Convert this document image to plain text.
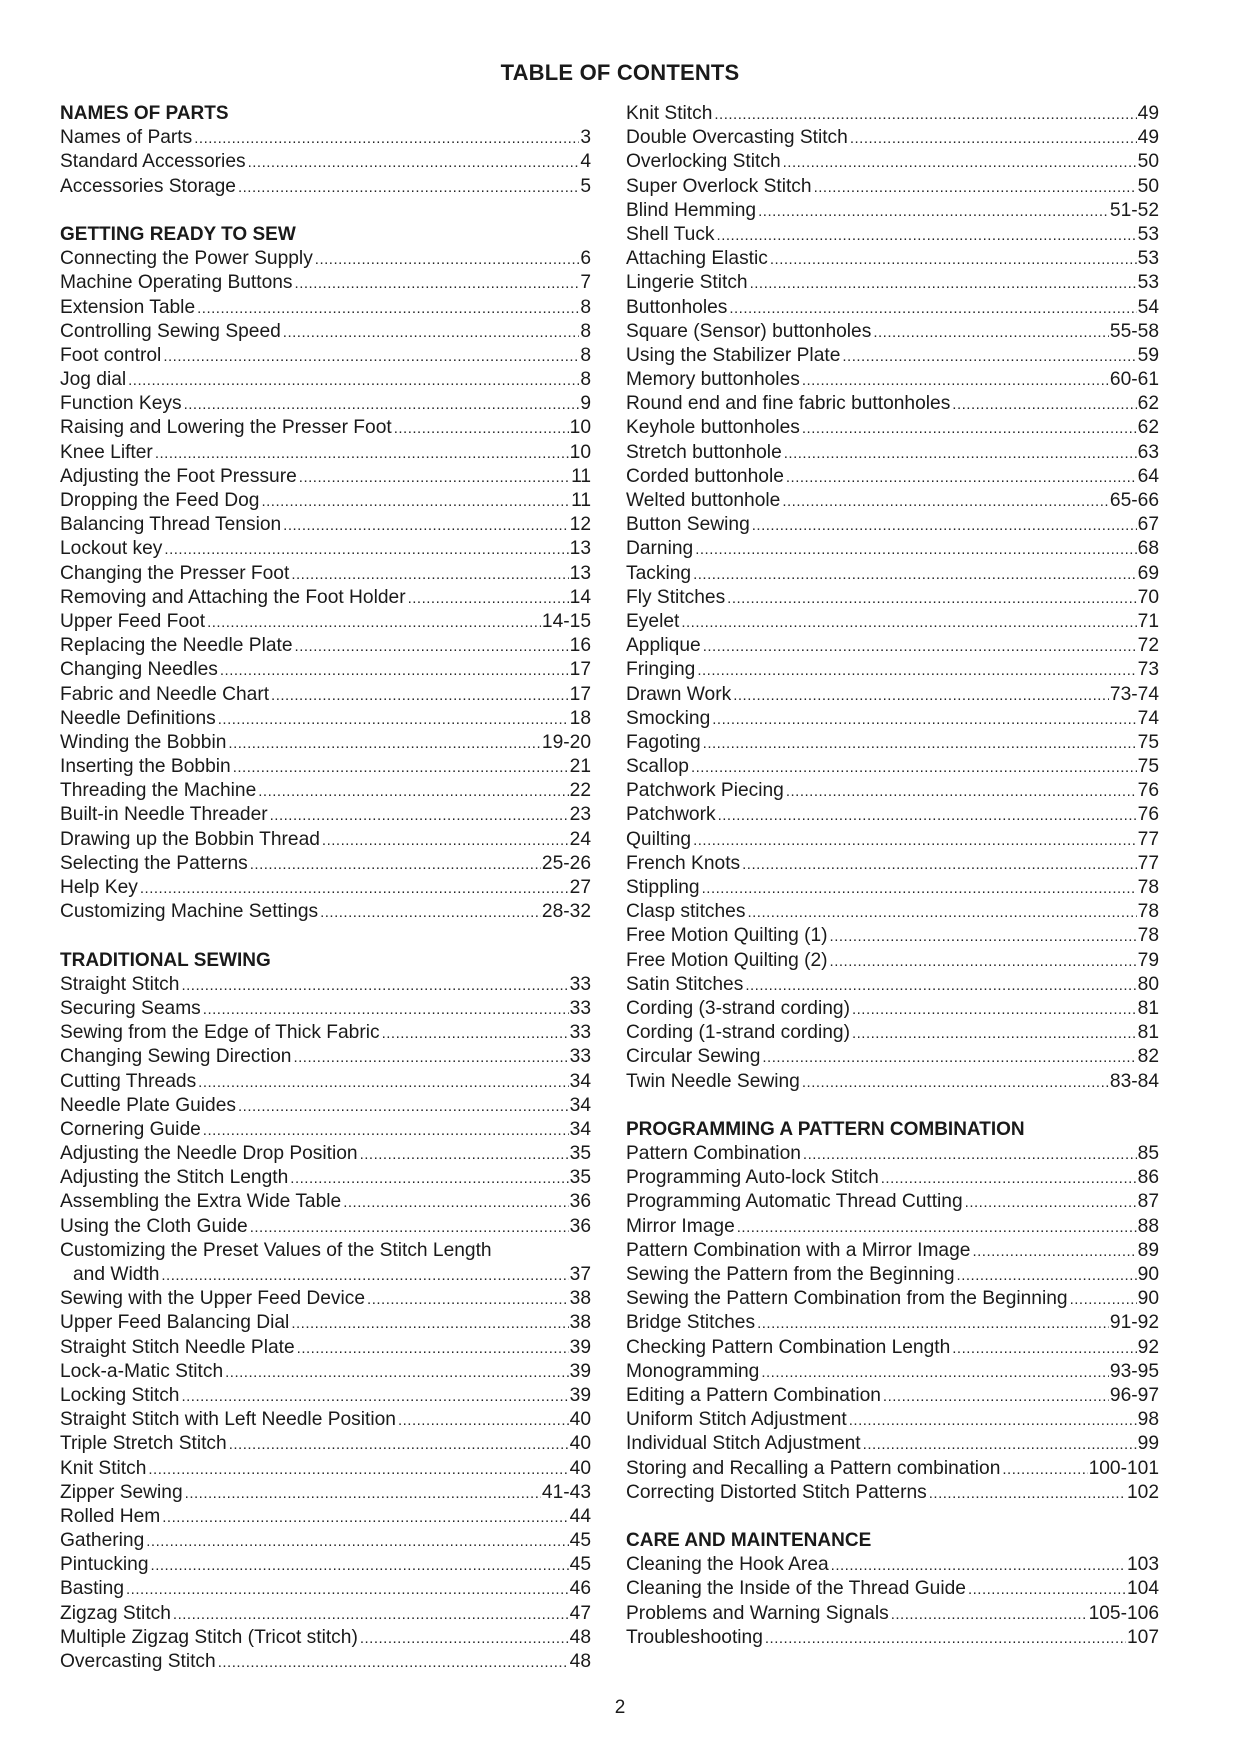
TABLE OF CONTENTS
NAMES OF PARTS
Names of Parts .....	3
Standard Accessories .....	4
Accessories Storage .....	5
GETTING READY TO SEW
Connecting the Power Supply .....	6
Machine Operating Buttons .....	7
Extension Table .....	8
Controlling Sewing Speed .....	8
Foot control .....	8
Jog dial .....	8
Function Keys .....	9
Raising and Lowering the Presser Foot .....	10
Knee Lifter .....	10
Adjusting the Foot Pressure .....	11
Dropping the Feed Dog .....	11
Balancing Thread Tension .....	12
Lockout key .....	13
Changing the Presser Foot .....	13
Removing and Attaching the Foot Holder .....	14
Upper Feed Foot .....	14-15
Replacing the Needle Plate .....	16
Changing Needles .....	17
Fabric and Needle Chart .....	17
Needle Definitions .....	18
Winding the Bobbin .....	19-20
Inserting the Bobbin .....	21
Threading the Machine .....	22
Built-in Needle Threader .....	23
Drawing up the Bobbin Thread .....	24
Selecting the Patterns .....	25-26
Help Key .....	27
Customizing Machine Settings .....	28-32
TRADITIONAL SEWING
Straight Stitch .....	33
Securing Seams .....	33
Sewing from the Edge of Thick Fabric .....	33
Changing Sewing Direction .....	33
Cutting Threads .....	34
Needle Plate Guides .....	34
Cornering Guide .....	34
Adjusting the Needle Drop Position .....	35
Adjusting the Stitch Length .....	35
Assembling the Extra Wide Table .....	36
Using the Cloth Guide .....	36
Customizing the Preset Values of the Stitch Length
and Width .....	37
Sewing with the Upper Feed Device .....	38
Upper Feed Balancing Dial .....	38
Straight Stitch Needle Plate .....	39
Lock-a-Matic Stitch .....	39
Locking Stitch .....	39
Straight Stitch with Left Needle Position .....	40
Triple Stretch Stitch .....	40
Knit Stitch .....	40
Zipper Sewing .....	41-43
Rolled Hem .....	44
Gathering .....	45
Pintucking .....	45
Basting .....	46
Zigzag Stitch .....	47
Multiple Zigzag Stitch (Tricot stitch) .....	48
Overcasting Stitch .....	48
Knit Stitch .....	49
Double Overcasting Stitch .....	49
Overlocking Stitch .....	50
Super Overlock Stitch .....	50
Blind Hemming .....	51-52
Shell Tuck .....	53
Attaching Elastic .....	53
Lingerie Stitch .....	53
Buttonholes .....	54
Square (Sensor) buttonholes .....	55-58
Using the Stabilizer Plate .....	59
Memory buttonholes .....	60-61
Round end and fine fabric buttonholes .....	62
Keyhole buttonholes .....	62
Stretch buttonhole .....	63
Corded buttonhole .....	64
Welted buttonhole .....	65-66
Button Sewing .....	67
Darning .....	68
Tacking .....	69
Fly Stitches .....	70
Eyelet .....	71
Applique .....	72
Fringing .....	73
Drawn Work .....	73-74
Smocking .....	74
Fagoting .....	75
Scallop .....	75
Patchwork Piecing .....	76
Patchwork .....	76
Quilting .....	77
French Knots .....	77
Stippling .....	78
Clasp stitches .....	78
Free Motion Quilting (1) .....	78
Free Motion Quilting (2) .....	79
Satin Stitches .....	80
Cording (3-strand cording) .....	81
Cording (1-strand cording) .....	81
Circular Sewing .....	82
Twin Needle Sewing .....	83-84
PROGRAMMING A PATTERN COMBINATION
Pattern Combination .....	85
Programming Auto-lock Stitch .....	86
Programming Automatic Thread Cutting .....	87
Mirror Image .....	88
Pattern Combination with a Mirror Image .....	89
Sewing the Pattern from the Beginning .....	90
Sewing the Pattern Combination from the Beginning .....	90
Bridge Stitches .....	91-92
Checking Pattern Combination Length .....	92
Monogramming .....	93-95
Editing a Pattern Combination .....	96-97
Uniform Stitch Adjustment .....	98
Individual Stitch Adjustment .....	99
Storing and Recalling a Pattern combination .....	100-101
Correcting Distorted Stitch Patterns .....	102
CARE AND MAINTENANCE
Cleaning the Hook Area .....	103
Cleaning the Inside of the Thread Guide .....	104
Problems and Warning Signals .....	105-106
Troubleshooting .....	107
2
